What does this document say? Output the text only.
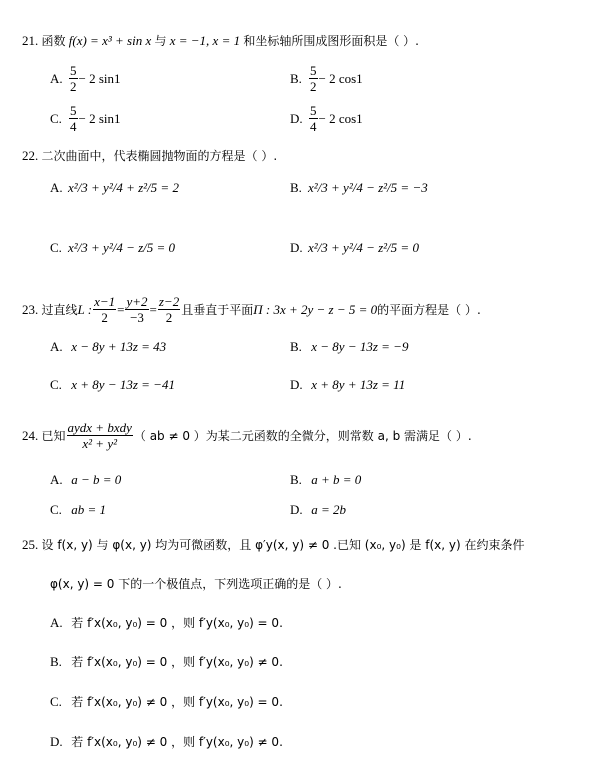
21. 函数 f(x) = x³ + sin x 与 x = −1, x = 1 和坐标轴所围成图形面积是（ ）.
A. $\frac{5}{2} - 2$ sin1	B. $\frac{5}{2} - 2$ cos1
C. $\frac{5}{4} - 2$ sin1	D. $\frac{5}{4} - 2$ cos1
22. 二次曲面中，代表椭圆抛物面的方程是（ ）.
A. x²/3 + y²/4 + z²/5 = 2	B. x²/3 + y²/4 − z²/5 = −3
C. x²/3 + y²/4 − z/5 = 0	D. x²/3 + y²/4 − z²/5 = 0
23.
过直线 L : $\frac{x-1}{2} = \frac{y+2}{-3} = \frac{z-2}{2}$ 且垂直于平面 Π : 3x + 2y − z − 5 = 0 的平面方程是（ ）.
A. x − 8y + 13z = 43	B. x − 8y − 13z = −9
C. x + 8y − 13z = −41	D. x + 8y + 13z = 11
24.
已知 $\frac{\text{aydx + bxdy}}{\text{x² + y²}}$ （ ab ≠ 0 ） 为某二元函数的全微分，则常数 a, b 需满足（ ）.
A. a − b = 0	B. a + b = 0
C. ab = 1	D. a = 2b
25. 设 f(x, y) 与 φ(x, y) 均为可微函数，且 φ′y(x, y) ≠ 0 .已知 (x₀, y₀) 是 f(x, y) 在约束条件
φ(x, y) = 0 下的一个极值点，下列选项正确的是（ ）.
A. 若 f′x(x₀, y₀) = 0 ，则 f′y(x₀, y₀) = 0.
B. 若 f′x(x₀, y₀) = 0 ，则 f′y(x₀, y₀) ≠ 0.
C. 若 f′x(x₀, y₀) ≠ 0 ，则 f′y(x₀, y₀) = 0.
D. 若 f′x(x₀, y₀) ≠ 0 ，则 f′y(x₀, y₀) ≠ 0.
